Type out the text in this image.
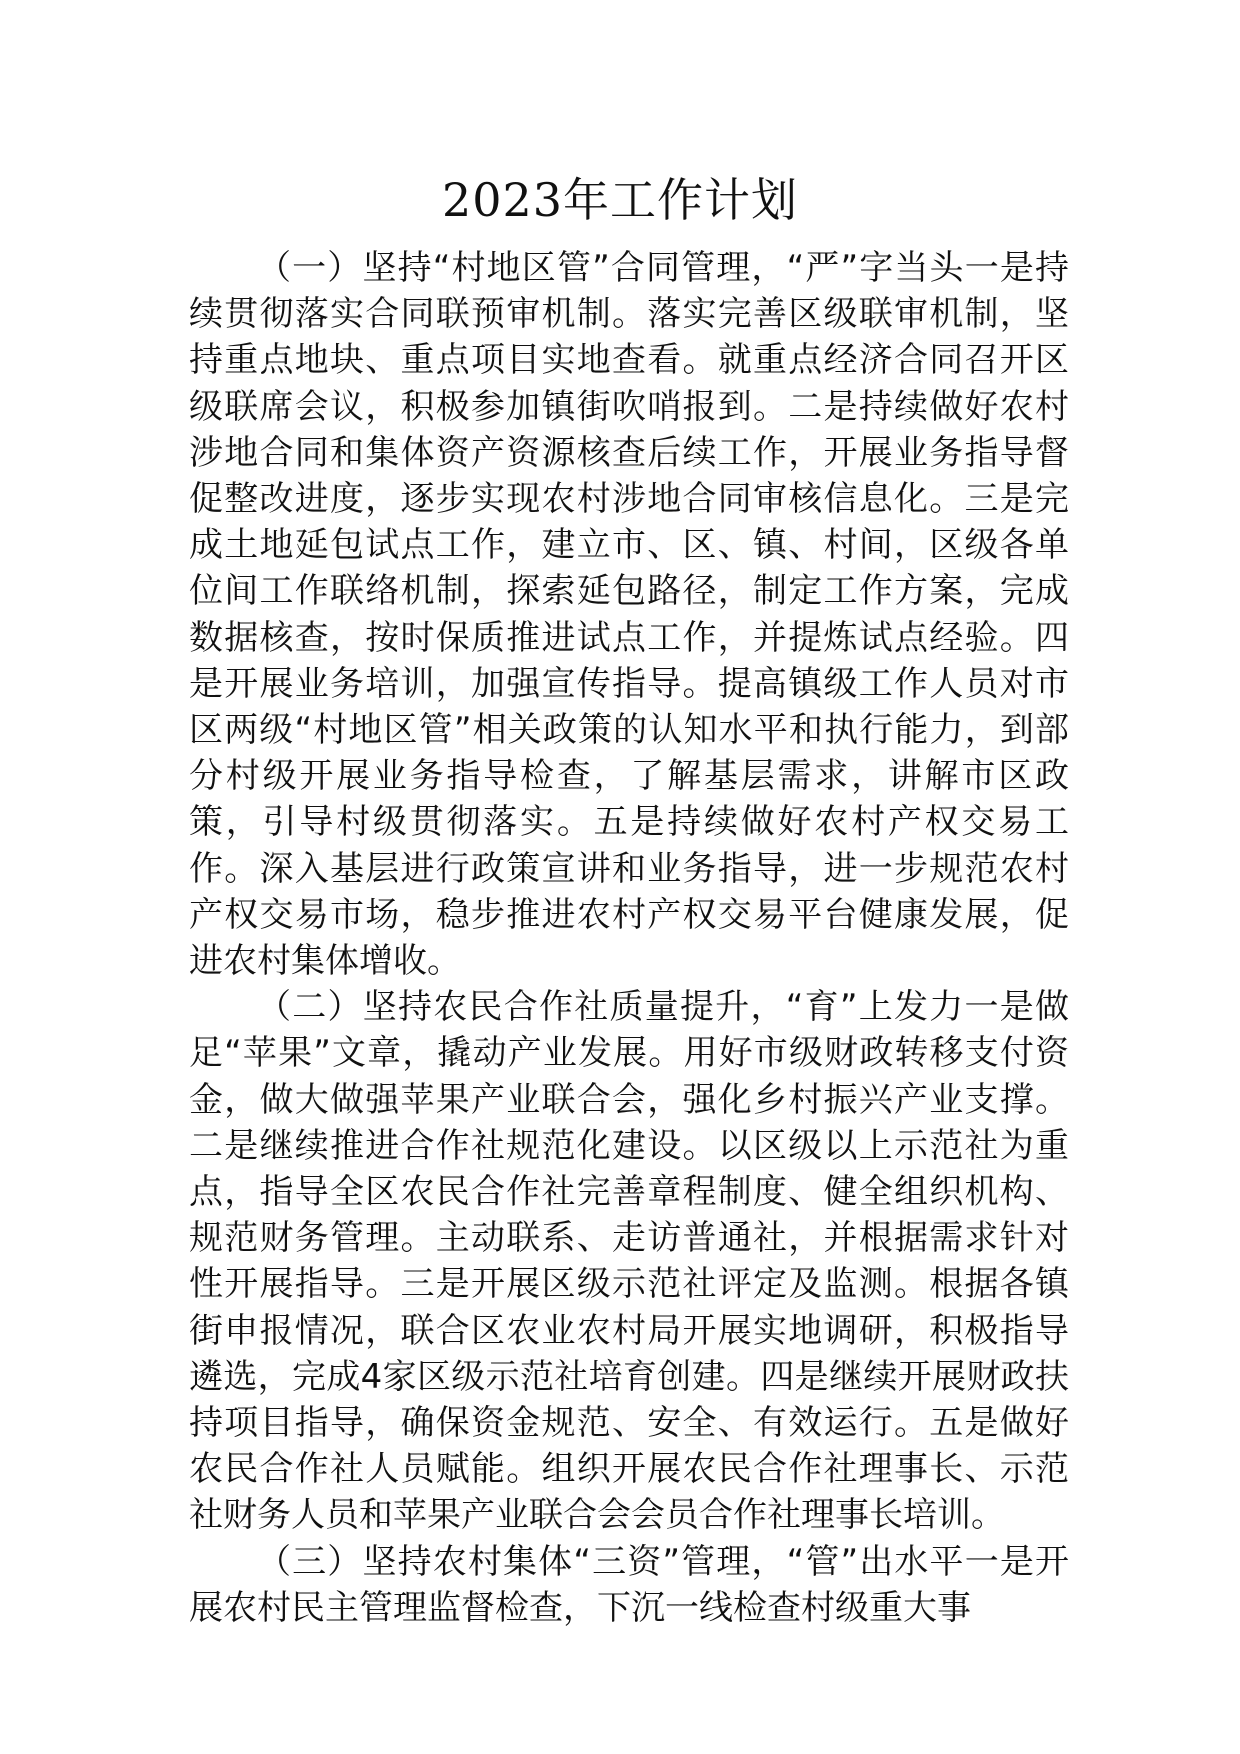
2023年工作计划

（一）坚持“村地区管”合同管理，“严”字当头一是持续贯彻落实合同联预审机制。落实完善区级联审机制，坚持重点地块、重点项目实地查看。就重点经济合同召开区级联席会议，积极参加镇街吹哨报到。二是持续做好农村涉地合同和集体资产资源核查后续工作，开展业务指导督促整改进度，逐步实现农村涉地合同审核信息化。三是完成土地延包试点工作，建立市、区、镇、村间，区级各单位间工作联络机制，探索延包路径，制定工作方案，完成数据核查，按时保质推进试点工作，并提炼试点经验。四是开展业务培训，加强宣传指导。提高镇级工作人员对市区两级“村地区管”相关政策的认知水平和执行能力，到部分村级开展业务指导检查，了解基层需求，讲解市区政策，引导村级贯彻落实。五是持续做好农村产权交易工作。深入基层进行政策宣讲和业务指导，进一步规范农村产权交易市场，稳步推进农村产权交易平台健康发展，促进农村集体增收。

（二）坚持农民合作社质量提升，“育”上发力一是做足“苹果”文章，撬动产业发展。用好市级财政转移支付资金，做大做强苹果产业联合会，强化乡村振兴产业支撑。二是继续推进合作社规范化建设。以区级以上示范社为重点，指导全区农民合作社完善章程制度、健全组织机构、规范财务管理。主动联系、走访普通社，并根据需求针对性开展指导。三是开展区级示范社评定及监测。根据各镇街申报情况，联合区农业农村局开展实地调研，积极指导遴选，完成4家区级示范社培育创建。四是继续开展财政扶持项目指导，确保资金规范、安全、有效运行。五是做好农民合作社人员赋能。组织开展农民合作社理事长、示范社财务人员和苹果产业联合会会员合作社理事长培训。

（三）坚持农村集体“三资”管理，“管”出水平一是开展农村民主管理监督检查，下沉一线检查村级重大事
